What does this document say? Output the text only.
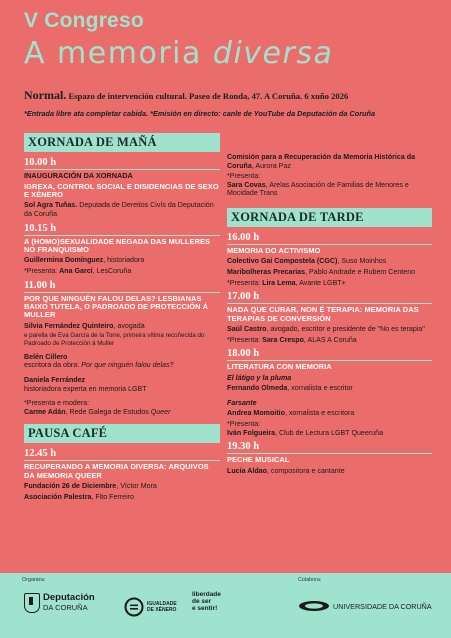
V Congreso
A memoria diversa
Normal. Espazo de intervención cultural. Paseo de Ronda, 47. A Coruña. 6 xuño 2026
*Entrada libre ata completar cabida. *Emisión en directo: canle de YouTube da Deputación da Coruña
XORNADA DE MAÑÁ
10.00 h
INAUGURACIÓN DA XORNADA
IGREXA, CONTROL SOCIAL E DISIDENCIAS DE SEXO E XÉNERO
Sol Agra Tuñas. Deputada de Dereitos Civís da Deputación da Coruña
10.15 h
A (HOMO)SEXUALIDADE NEGADA DAS MULLERES NO FRANQUISMO
Guillermina Domínguez, historiadora
*Presenta: Ana Garcí, LesCoruña
11.00 h
POR QUE NINGUÉN FALOU DELAS? LESBIANAS BAIXO TUTELA, O PADROADO DE PROTECCIÓN Á MULLER
Silvia Fernández Quinteiro, avogada
e parella de Eva García de la Torre, primeira vítima recoñecida do Padroado de Protección á Muller
Belén Cillero
escritora da obra: Por que ninguén falou delas?
Daniela Ferrández
historiadora experta en memoria LGBT
*Presenta e modera:
Carme Adán, Rede Galega de Estudos Queer
PAUSA CAFÉ
12.45 h
RECUPERANDO A MEMORIA DIVERSA: ARQUIVOS DA MEMORIA QUEER
Fundación 26 de Diciembre, Víctor Mora
Asociación Palestra, Fito Ferreiro
Comisión para a Recuperación da Memoria Histórica da Coruña, Aurora Paz
*Presenta:
Sara Covas, Arelas Asociación de Familias de Menores e Mocidade Trans
XORNADA DE TARDE
16.00 h
MEMORIA DO ACTIVISMO
Colectivo Gai Compostela (CGC), Suso Moinhos
Maribolheras Precarias, Pablo Andrade e Rubem Centeno
*Presenta: Lira Lema, Avante LGBT+
17.00 h
NADA QUE CURAR, NON É TERAPIA: MEMORIA DAS TERAPIAS DE CONVERSIÓN
Saúl Castro, avogado, escritor e presidente de "No es terapia"
*Presenta: Sara Crespo, ALAS A Coruña
18.00 h
LITERATURA CON MEMORIA
El látigo y la pluma
Fernando Olmeda, xornalista e escritor
Farsante
Andrea Momoitio, xornalista e escritora
*Presenta:
Iván Folgueira, Club de Lectura LGBT Queeruña
19.30 h
PECHE MUSICAL
Lucía Aldao, compositora e cantante
Organiza:	Colabora:
Deputación
DA CORUÑA	IGUALDADE
DE XÉNERO
liberdade
de ser
e sentir!	UNIVERSIDADE DA CORUÑA
